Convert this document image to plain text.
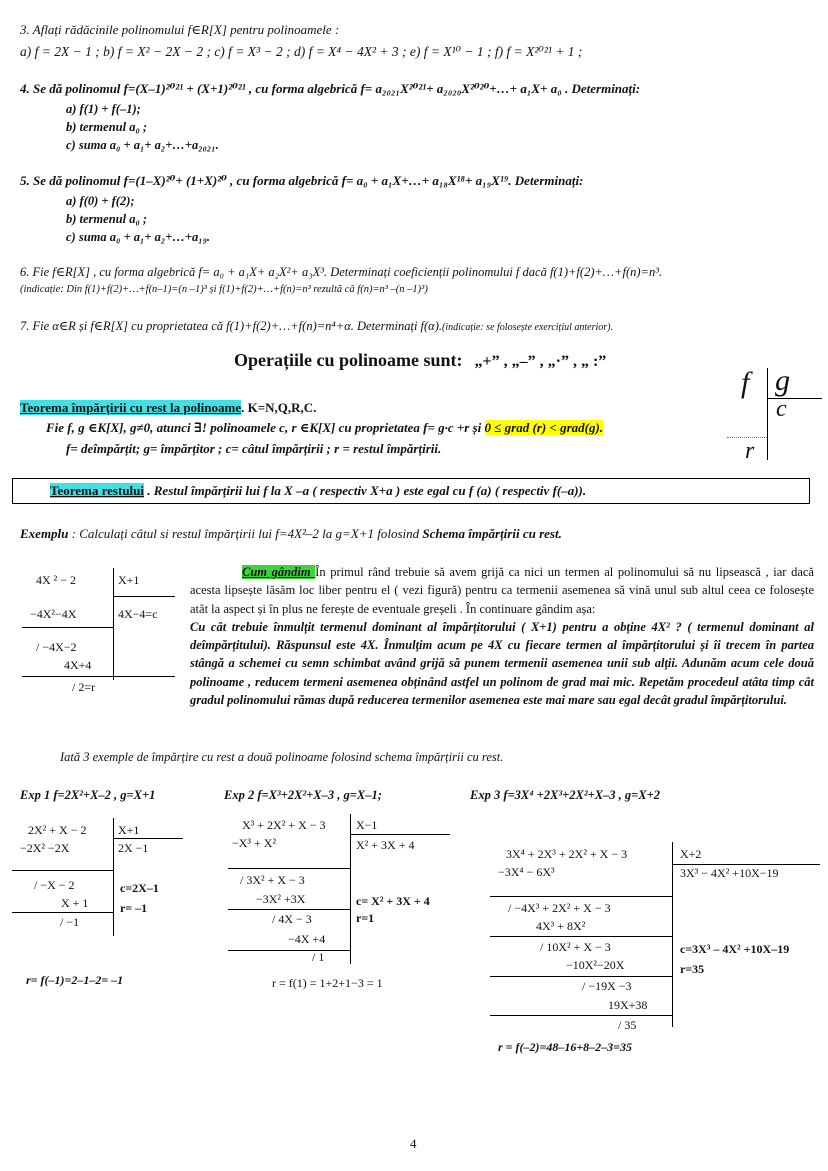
3. Aflați rădăcinile polinomului f∈R[X] pentru polinoamele :
a) f = 2X − 1 ; b) f = X² − 2X − 2 ; c) f = X³ − 2 ; d) f = X⁴ − 4X² + 3 ; e) f = X¹⁰ − 1 ; f) f = X²⁰²¹ + 1 ;
4. Se dă polinomul f=(X–1)²⁰²¹ + (X+1)²⁰²¹ , cu forma algebrică f= a₂₀₂₁X²⁰²¹+ a₂₀₂₀X²⁰²⁰+…+ a₁X+ a₀ . Determinați:
a) f(1) + f(–1);
b) termenul a₀ ;
c) suma a₀ + a₁+ a₂+…+a₂₀₂₁.
5. Se dă polinomul f=(1–X)²⁰+ (1+X)²⁰ , cu forma algebrică f= a₀ + a₁X+…+ a₁₈X¹⁸+ a₁₉X¹⁹. Determinați:
a) f(0) + f(2);
b) termenul a₀ ;
c) suma a₀ + a₁+ a₂+…+a₁₉.
6. Fie f∈R[X] , cu forma algebrică f= a₀ + a₁X+ a₂X²+ a₃X³. Determinați coeficienții polinomului f dacă f(1)+f(2)+…+f(n)=n³.
(indicație: Din f(1)+f(2)+…+f(n–1)=(n –1)³ și f(1)+f(2)+…+f(n)=n³ rezultă că f(n)=n³ –(n –1)³)
7. Fie α∈R și f∈R[X] cu proprietatea că f(1)+f(2)+…+f(n)=n⁴+α. Determinați f(α).(indicație: se folosește exercițiul anterior).
Operațiile cu polinoame sunt: „+” , „–” , „·” , „ :”
f g
c
r
Teorema împărțirii cu rest la polinoame. K=N,Q,R,C.
Fie f, g ∈K[X], g≠0, atunci ∃! polinoamele c, r ∈K[X] cu proprietatea f= g·c +r și 0 ≤ grad (r) < grad(g).
f= deîmpărțit; g= împărțitor ; c= câtul împărțirii ; r = restul împărțirii.
Teorema restului . Restul împărțirii lui f la X –a ( respectiv X+a ) este egal cu f (a) ( respectiv f(–a)).
Exemplu : Calculați câtul si restul împărțirii lui f=4X²–2 la g=X+1 folosind Schema împărțirii cu rest.
4X ² − 2	X+1
−4X²−4X	4X−4=c
/ −4X−2
4X+4
/ 2=r
Cum gândim În primul rând trebuie să avem grijă ca nici un termen al polinomului să nu lipsească , iar dacă acesta lipsește lăsăm loc liber pentru el ( vezi figură) pentru ca termenii asemenea să vină unul sub altul ceea ce folosește atât la aspect și în plus ne ferește de eventuale greșeli . În continuare gândim așa:
Cu cât trebuie înmulțit termenul dominant al împărțitorului ( X+1) pentru a obține 4X² ? ( termenul dominant al deîmpărțitului). Răspunsul este 4X. Înmulțim acum pe 4X cu fiecare termen al împărțitorului și îi trecem în partea stângă a schemei cu semn schimbat având grijă să punem termenii asemenea unii sub alții. Adunăm acum cele două polinoame , reducem termeni asemenea obținând astfel un polinom de grad mai mic. Repetăm procedeul atâta timp cât gradul polinomului rămas după reducerea termenilor asemenea este mai mare sau egal decât gradul împărțitorului.
Iată 3 exemple de împărțire cu rest a două polinoame folosind schema împărțirii cu rest.
Exp 1 f=2X²+X–2 , g=X+1
2X² + X − 2	X+1
−2X² −2X	2X −1
/ −X − 2	c=2X–1
X + 1	r= –1
/ −1
r= f(–1)=2–1–2= –1
Exp 2 f=X³+2X²+X–3 , g=X–1;
X³ + 2X² + X − 3	X−1
−X³ + X²	X² + 3X + 4
/ 3X² + X − 3
−3X² +3X	c= X² + 3X + 4
/ 4X − 3	r=1
−4X +4
/ 1
r = f(1) = 1+2+1−3 = 1
Exp 3 f=3X⁴ +2X³+2X²+X–3 , g=X+2
3X⁴ + 2X³ + 2X² + X − 3	X+2
−3X⁴ − 6X³	3X³ − 4X² +10X−19
/ −4X³ + 2X² + X − 3
4X³ + 8X²
/ 10X² + X − 3	c=3X³ – 4X² +10X–19
−10X²−20X	r=35
/ −19X −3
19X+38
/ 35
r = f(–2)=48–16+8–2–3=35
4
